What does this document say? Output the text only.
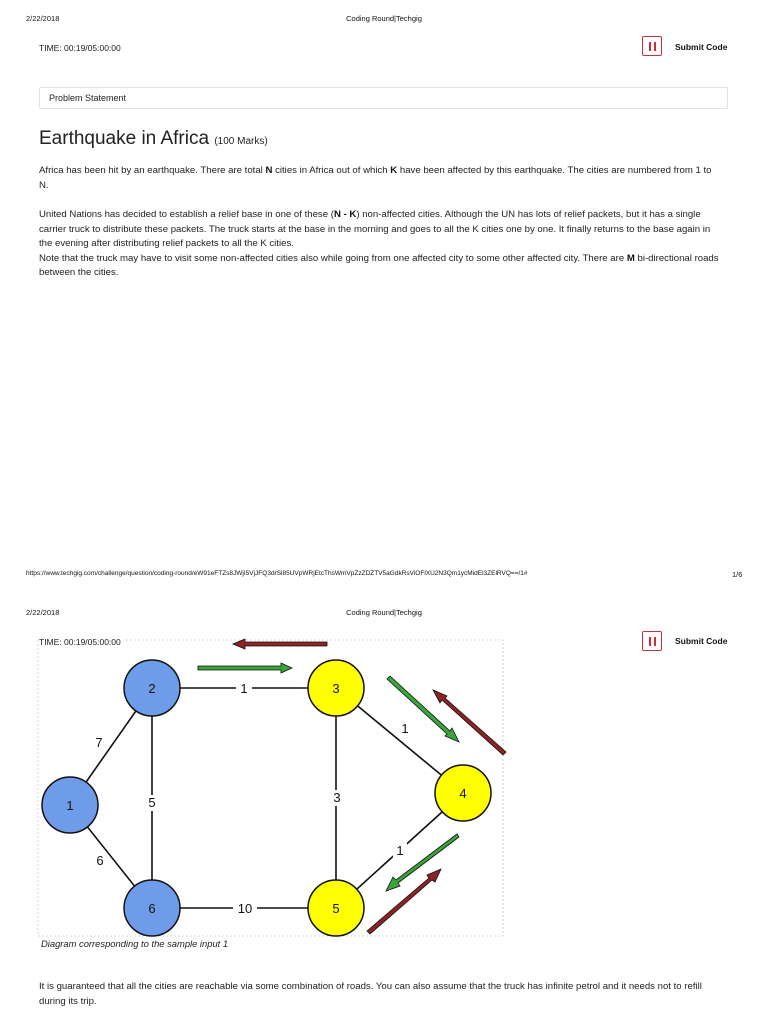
2/22/2018	Coding Round|Techgig
TIME: 00:19/05:00:00	Submit Code
Problem Statement
Earthquake in Africa (100 Marks)

Africa has been hit by an earthquake. There are total N cities in Africa out of which K have been affected by this earthquake. The cities are numbered from 1 to N.

United Nations has decided to establish a relief base in one of these (N - K) non-affected cities. Although the UN has lots of relief packets, but it has a single carrier truck to distribute these packets. The truck starts at the base in the morning and goes to all the K cities one by one. It finally returns to the base again in the evening after distributing relief packets to all the K cities.
Note that the truck may have to visit some non-affected cities also while going from one affected city to some other affected city. There are M bi-directional roads between the cities.

https://www.techgig.com/challenge/question/coding-round/eW91eFTZs8JWjI5VjJFQ3drSi85UVpWRjEtcThsWmVpZzZDZTV5aGdkRsViOFlXU2N3Qm1ycMidEl3ZElRVQ==/1#	1/6
2/22/2018	Coding Round|Techgig
Submit Code
1
7
6
5	3
1
1
10
1
2	3
4
5
6
TIME: 00:19/05:00:00
Diagram corresponding to the sample input 1

It is guaranteed that all the cities are reachable via some combination of roads. You can also assume that the truck has infinite petrol and it needs not to refill during its trip.
